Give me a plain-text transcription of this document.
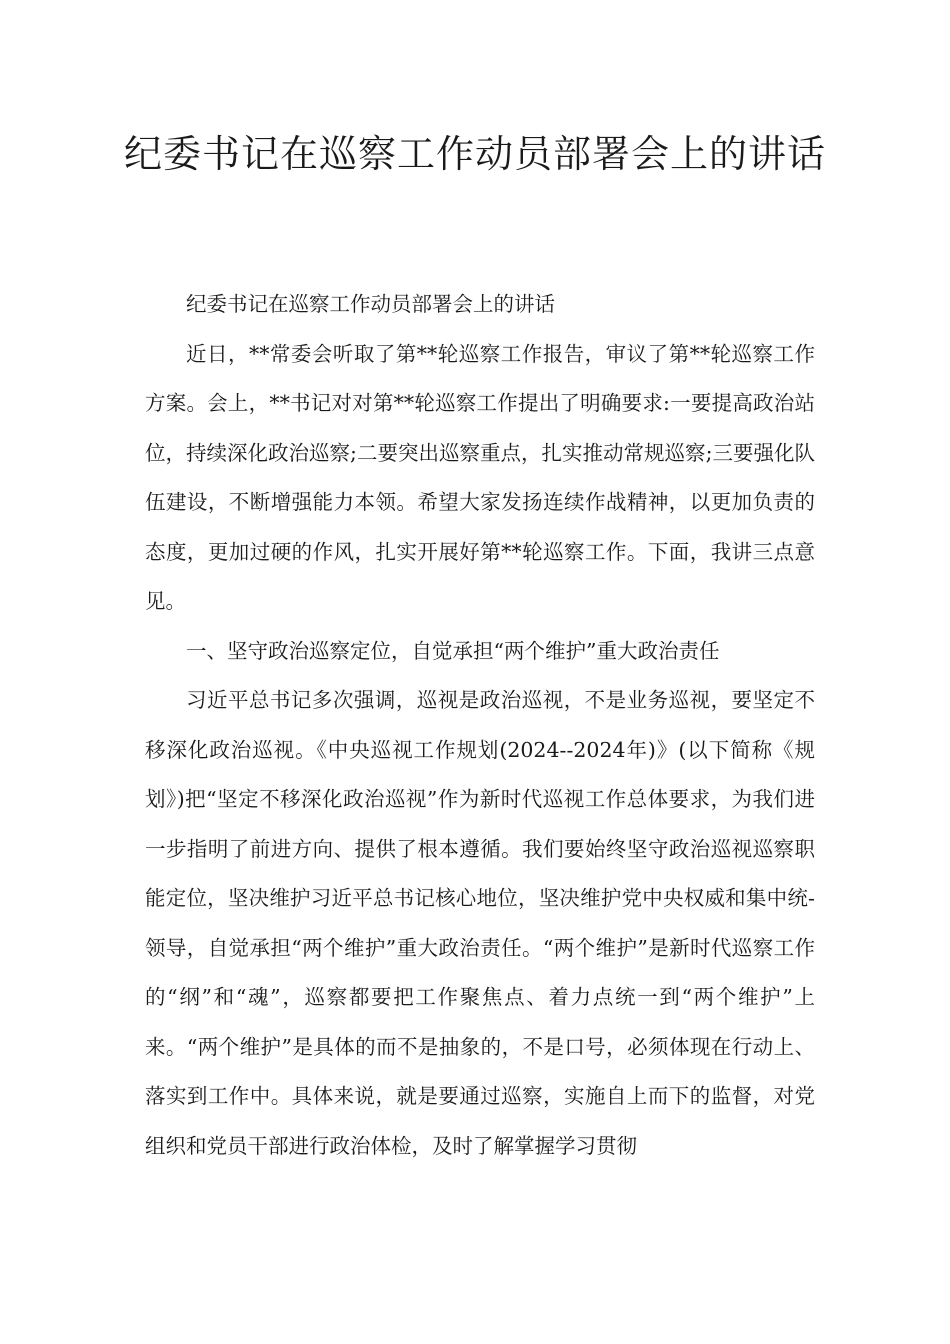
纪委书记在巡察工作动员部署会上的讲话

纪委书记在巡察工作动员部署会上的讲话

近日，**常委会听取了第**轮巡察工作报告，审议了第**轮巡察工作方案。会上，**书记对对第**轮巡察工作提出了明确要求:一要提高政治站位，持续深化政治巡察;二要突出巡察重点，扎实推动常规巡察;三要强化队伍建设，不断增强能力本领。希望大家发扬连续作战精神，以更加负责的态度，更加过硬的作风，扎实开展好第**轮巡察工作。下面，我讲三点意见。

一、坚守政治巡察定位，自觉承担“两个维护”重大政治责任

习近平总书记多次强调，巡视是政治巡视，不是业务巡视，要坚定不移深化政治巡视。《中央巡视工作规划(2024--2024年)》(以下简称《规划》)把“坚定不移深化政治巡视”作为新时代巡视工作总体要求，为我们进一步指明了前进方向、提供了根本遵循。我们要始终坚守政治巡视巡察职能定位，坚决维护习近平总书记核心地位，坚决维护党中央权威和集中统-领导，自觉承担“两个维护”重大政治责任。“两个维护”是新时代巡察工作的“纲”和“魂”，巡察都要把工作聚焦点、着力点统一到“两个维护”上来。“两个维护”是具体的而不是抽象的，不是口号，必须体现在行动上、落实到工作中。具体来说，就是要通过巡察，实施自上而下的监督，对党组织和党员干部进行政治体检，及时了解掌握学习贯彻
